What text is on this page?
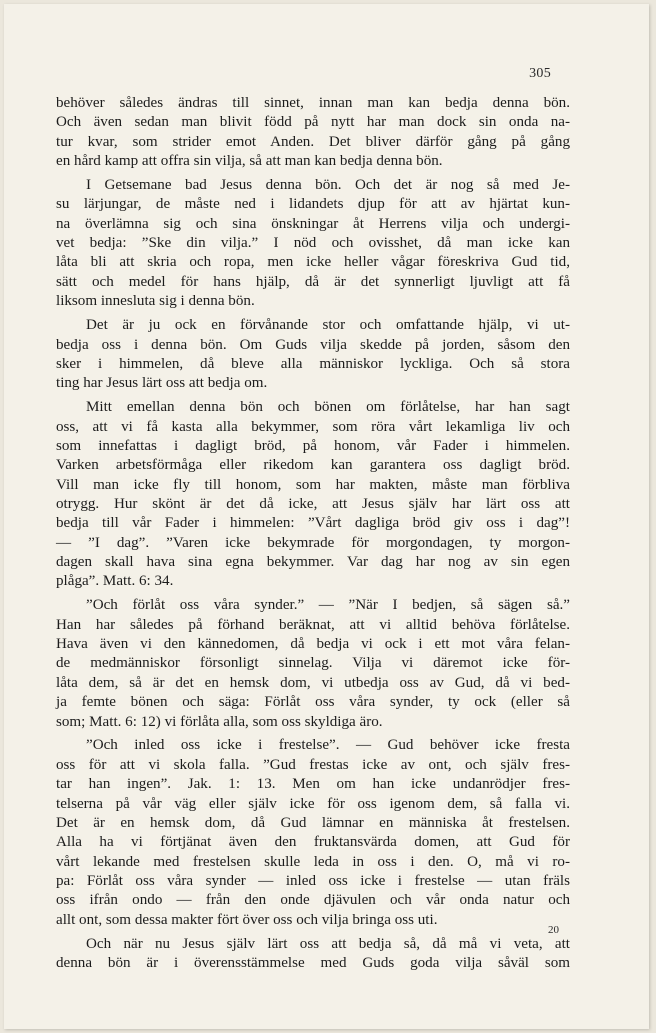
305
behöver således ändras till sinnet, innan man kan bedja denna bön.
Och även sedan man blivit född på nytt har man dock sin onda na-
tur kvar, som strider emot Anden. Det bliver därför gång på gång
en hård kamp att offra sin vilja, så att man kan bedja denna bön.
I Getsemane bad Jesus denna bön. Och det är nog så med Je-
su lärjungar, de måste ned i lidandets djup för att av hjärtat kun-
na överlämna sig och sina önskningar åt Herrens vilja och undergi-
vet bedja: ”Ske din vilja.” I nöd och ovisshet, då man icke kan
låta bli att skria och ropa, men icke heller vågar föreskriva Gud tid,
sätt och medel för hans hjälp, då är det synnerligt ljuvligt att få
liksom innesluta sig i denna bön.
Det är ju ock en förvånande stor och omfattande hjälp, vi ut-
bedja oss i denna bön. Om Guds vilja skedde på jorden, såsom den
sker i himmelen, då bleve alla människor lyckliga. Och så stora
ting har Jesus lärt oss att bedja om.
Mitt emellan denna bön och bönen om förlåtelse, har han sagt
oss, att vi få kasta alla bekymmer, som röra vårt lekamliga liv och
som innefattas i dagligt bröd, på honom, vår Fader i himmelen.
Varken arbetsförmåga eller rikedom kan garantera oss dagligt bröd.
Vill man icke fly till honom, som har makten, måste man förbliva
otrygg. Hur skönt är det då icke, att Jesus själv har lärt oss att
bedja till vår Fader i himmelen: ”Vårt dagliga bröd giv oss i dag”!
— ”I dag”. ”Varen icke bekymrade för morgondagen, ty morgon-
dagen skall hava sina egna bekymmer. Var dag har nog av sin egen
plåga”. Matt. 6: 34.
”Och förlåt oss våra synder.” — ”När I bedjen, så sägen så.”
Han har således på förhand beräknat, att vi alltid behöva förlåtelse.
Hava även vi den kännedomen, då bedja vi ock i ett mot våra felan-
de medmänniskor försonligt sinnelag. Vilja vi däremot icke för-
låta dem, så är det en hemsk dom, vi utbedja oss av Gud, då vi bed-
ja femte bönen och säga: Förlåt oss våra synder, ty ock (eller så
som; Matt. 6: 12) vi förlåta alla, som oss skyldiga äro.
”Och inled oss icke i frestelse”. — Gud behöver icke fresta
oss för att vi skola falla. ”Gud frestas icke av ont, och själv fres-
tar han ingen”. Jak. 1: 13. Men om han icke undanrödjer fres-
telserna på vår väg eller själv icke för oss igenom dem, så falla vi.
Det är en hemsk dom, då Gud lämnar en människa åt frestelsen.
Alla ha vi förtjänat även den fruktansvärda domen, att Gud för
vårt lekande med frestelsen skulle leda in oss i den. O, må vi ro-
pa: Förlåt oss våra synder — inled oss icke i frestelse — utan fräls
oss ifrån ondo — från den onde djävulen och vår onda natur och
allt ont, som dessa makter fört över oss och vilja bringa oss uti.
Och när nu Jesus själv lärt oss att bedja så, då må vi veta, att
denna bön är i överensstämmelse med Guds goda vilja såväl som
20
